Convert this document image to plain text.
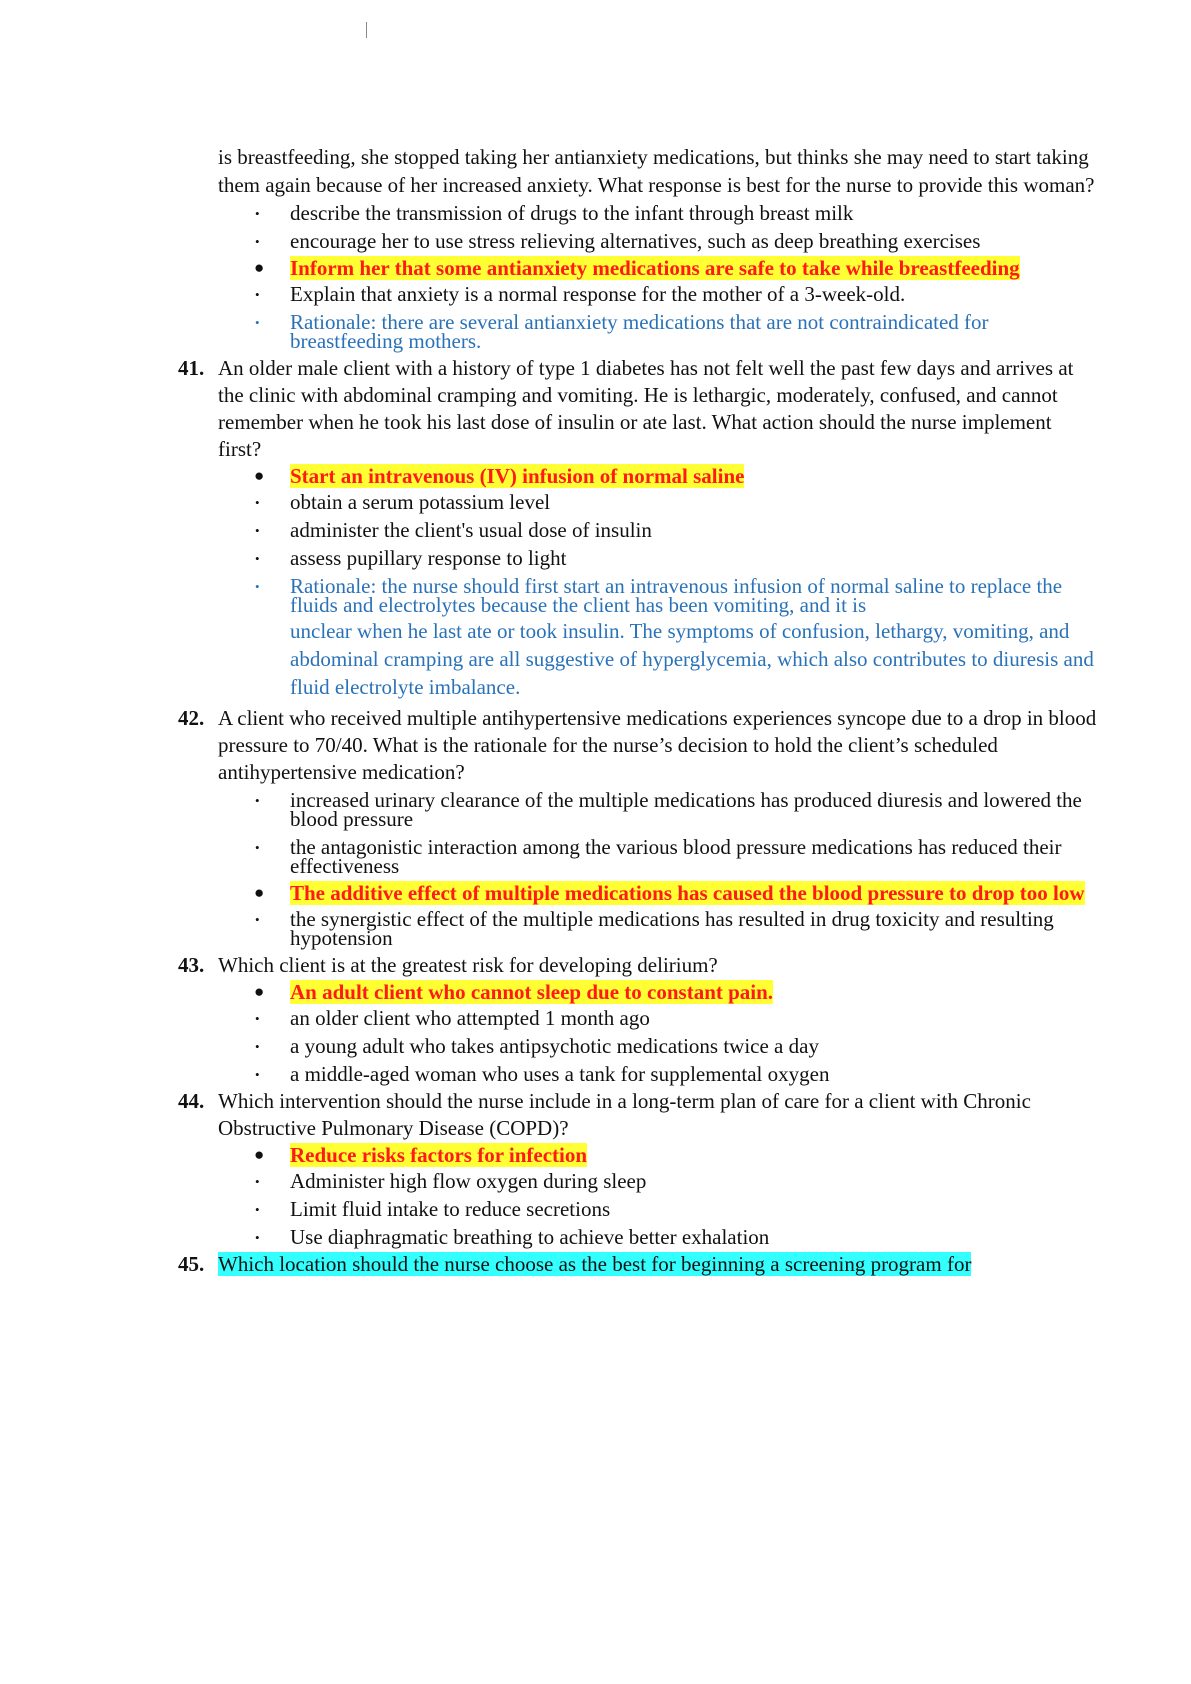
is breastfeeding, she stopped taking her antianxiety medications, but thinks she may need to start taking them again because of her increased anxiety. What response is best for the nurse to provide this woman?
• describe the transmission of drugs to the infant through breast milk
• encourage her to use stress relieving alternatives, such as deep breathing exercises
● Inform her that some antianxiety medications are safe to take while breastfeeding
• Explain that anxiety is a normal response for the mother of a 3-week-old.
• Rationale: there are several antianxiety medications that are not contraindicated for breastfeeding mothers.
41. An older male client with a history of type 1 diabetes has not felt well the past few days and arrives at the clinic with abdominal cramping and vomiting. He is lethargic, moderately, confused, and cannot remember when he took his last dose of insulin or ate last. What action should the nurse implement first?
● Start an intravenous (IV) infusion of normal saline
• obtain a serum potassium level
• administer the client's usual dose of insulin
• assess pupillary response to light
• Rationale: the nurse should first start an intravenous infusion of normal saline to replace the fluids and electrolytes because the client has been vomiting, and it is
unclear when he last ate or took insulin. The symptoms of confusion, lethargy, vomiting, and abdominal cramping are all suggestive of hyperglycemia, which also contributes to diuresis and fluid electrolyte imbalance.
42. A client who received multiple antihypertensive medications experiences syncope due to a drop in blood pressure to 70/40. What is the rationale for the nurse’s decision to hold the client’s scheduled antihypertensive medication?
• increased urinary clearance of the multiple medications has produced diuresis and lowered the blood pressure
• the antagonistic interaction among the various blood pressure medications has reduced their effectiveness
● The additive effect of multiple medications has caused the blood pressure to drop too low
• the synergistic effect of the multiple medications has resulted in drug toxicity and resulting hypotension
43. Which client is at the greatest risk for developing delirium?
● An adult client who cannot sleep due to constant pain.
• an older client who attempted 1 month ago
• a young adult who takes antipsychotic medications twice a day
• a middle-aged woman who uses a tank for supplemental oxygen
44. Which intervention should the nurse include in a long-term plan of care for a client with Chronic Obstructive Pulmonary Disease (COPD)?
● Reduce risks factors for infection
• Administer high flow oxygen during sleep
• Limit fluid intake to reduce secretions
• Use diaphragmatic breathing to achieve better exhalation
45. Which location should the nurse choose as the best for beginning a screening program for
